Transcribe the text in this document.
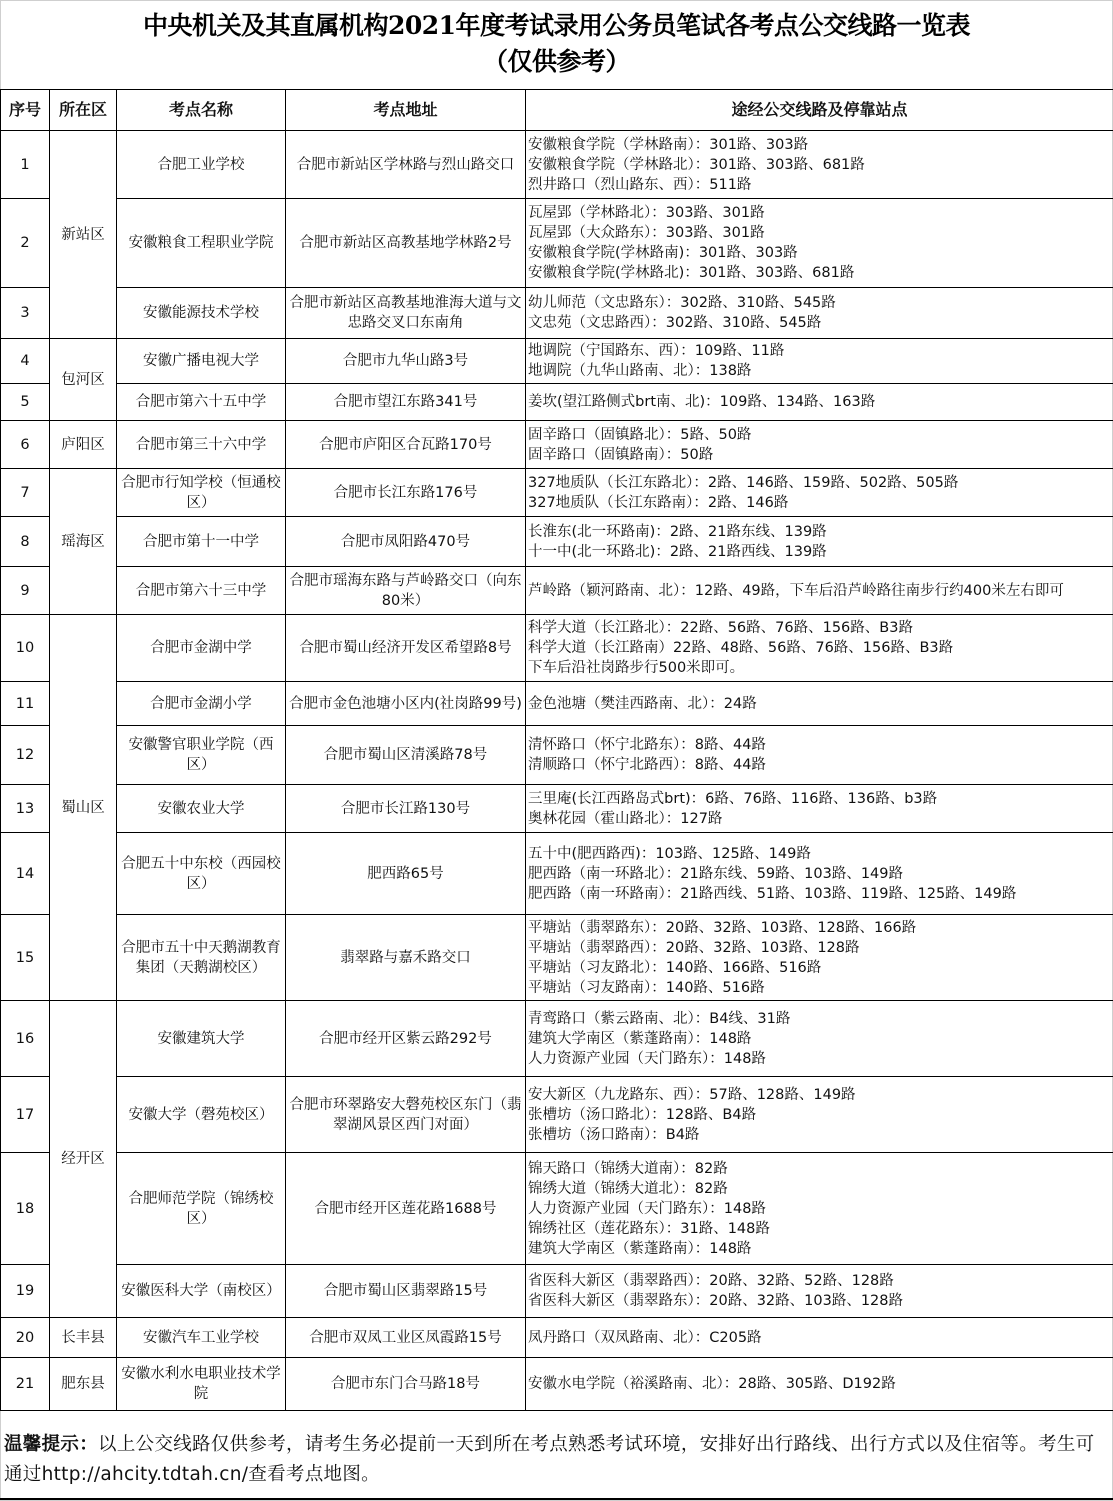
中央机关及其直属机构2021年度考试录用公务员笔试各考点公交线路一览表
（仅供参考）
序号	所在区	考点名称	考点地址	途经公交线路及停靠站点
1	新站区	合肥工业学校	合肥市新站区学林路与烈山路交口	安徽粮食学院（学林路南）：301路、303路
安徽粮食学院（学林路北）：301路、303路、681路
烈井路口（烈山路东、西）：511路

2		安徽粮食工程职业学院	合肥市新站区高教基地学林路2号	瓦屋郢（学林路北）：303路、301路
瓦屋郢（大众路东）：303路、301路
安徽粮食学院(学林路南)：301路、303路
安徽粮食学院(学林路北)：301路、303路、681路

3		安徽能源技术学校	合肥市新站区高教基地淮海大道与文忠路交叉口东南角	幼儿师范（文忠路东）：302路、310路、545路
文忠苑（文忠路西）：302路、310路、545路

4	包河区	安徽广播电视大学	合肥市九华山路3号	地调院（宁国路东、西）：109路、11路
地调院（九华山路南、北）：138路

5		合肥市第六十五中学	合肥市望江东路341号	姜坎(望江路侧式brt南、北)：109路、134路、163路

6	庐阳区	合肥市第三十六中学	合肥市庐阳区合瓦路170号	固辛路口（固镇路北）：5路、50路
固辛路口（固镇路南）：50路

7	瑶海区	合肥市行知学校（恒通校区）	合肥市长江东路176号	327地质队（长江东路北）：2路、146路、159路、502路、505路
327地质队（长江东路南）：2路、146路

8		合肥市第十一中学	合肥市凤阳路470号	长淮东(北一环路南)：2路、21路东线、139路
十一中(北一环路北)：2路、21路西线、139路

9		合肥市第六十三中学	合肥市瑶海东路与芦岭路交口（向东80米）	芦岭路（颖河路南、北）：12路、49路，下车后沿芦岭路往南步行约400米左右即可

10	蜀山区	合肥市金湖中学	合肥市蜀山经济开发区希望路8号	科学大道（长江路北）：22路、56路、76路、156路、B3路
科学大道（长江路南）22路、48路、56路、76路、156路、B3路
下车后沿社岗路步行500米即可。

11		合肥市金湖小学	合肥市金色池塘小区内(社岗路99号)	金色池塘（樊洼西路南、北）：24路

12		安徽警官职业学院（西区）	合肥市蜀山区清溪路78号	清怀路口（怀宁北路东）：8路、44路
清顺路口（怀宁北路西）：8路、44路

13		安徽农业大学	合肥市长江路130号	三里庵(长江西路岛式brt)：6路、76路、116路、136路、b3路
奥林花园（霍山路北）：127路

14		合肥五十中东校（西园校区）	肥西路65号	五十中(肥西路西)：103路、125路、149路
肥西路（南一环路北）：21路东线、59路、103路、149路
肥西路（南一环路南）：21路西线、51路、103路、119路、125路、149路

15		合肥市五十中天鹅湖教育集团（天鹅湖校区）	翡翠路与嘉禾路交口	平塘站（翡翠路东）：20路、32路、103路、128路、166路
平塘站（翡翠路西）：20路、32路、103路、128路
平塘站（习友路北）：140路、166路、516路
平塘站（习友路南）：140路、516路

16	经开区	安徽建筑大学	合肥市经开区紫云路292号	青鸾路口（紫云路南、北）：B4线、31路
建筑大学南区（紫蓬路南）：148路
人力资源产业园（天门路东）：148路

17		安徽大学（磬苑校区）	合肥市环翠路安大磬苑校区东门（翡翠湖风景区西门对面）	安大新区（九龙路东、西）：57路、128路、149路
张槽坊（汤口路北）：128路、B4路
张槽坊（汤口路南）：B4路

18		合肥师范学院（锦绣校区）	合肥市经开区莲花路1688号	锦天路口（锦绣大道南）：82路
锦绣大道（锦绣大道北）：82路
人力资源产业园（天门路东）：148路
锦绣社区（莲花路东）：31路、148路
建筑大学南区（紫蓬路南）：148路

19		安徽医科大学（南校区）	合肥市蜀山区翡翠路15号	省医科大新区（翡翠路西）：20路、32路、52路、128路
省医科大新区（翡翠路东）：20路、32路、103路、128路

20	长丰县	安徽汽车工业学校	合肥市双凤工业区凤霞路15号	凤丹路口（双凤路南、北）：C205路

21	肥东县	安徽水利水电职业技术学院	合肥市东门合马路18号	安徽水电学院（裕溪路南、北）：28路、305路、D192路
温馨提示：以上公交线路仅供参考，请考生务必提前一天到所在考点熟悉考试环境，安排好出行路线、出行方式以及住宿等。考生可通过http://ahcity.tdtah.cn/查看考点地图。
